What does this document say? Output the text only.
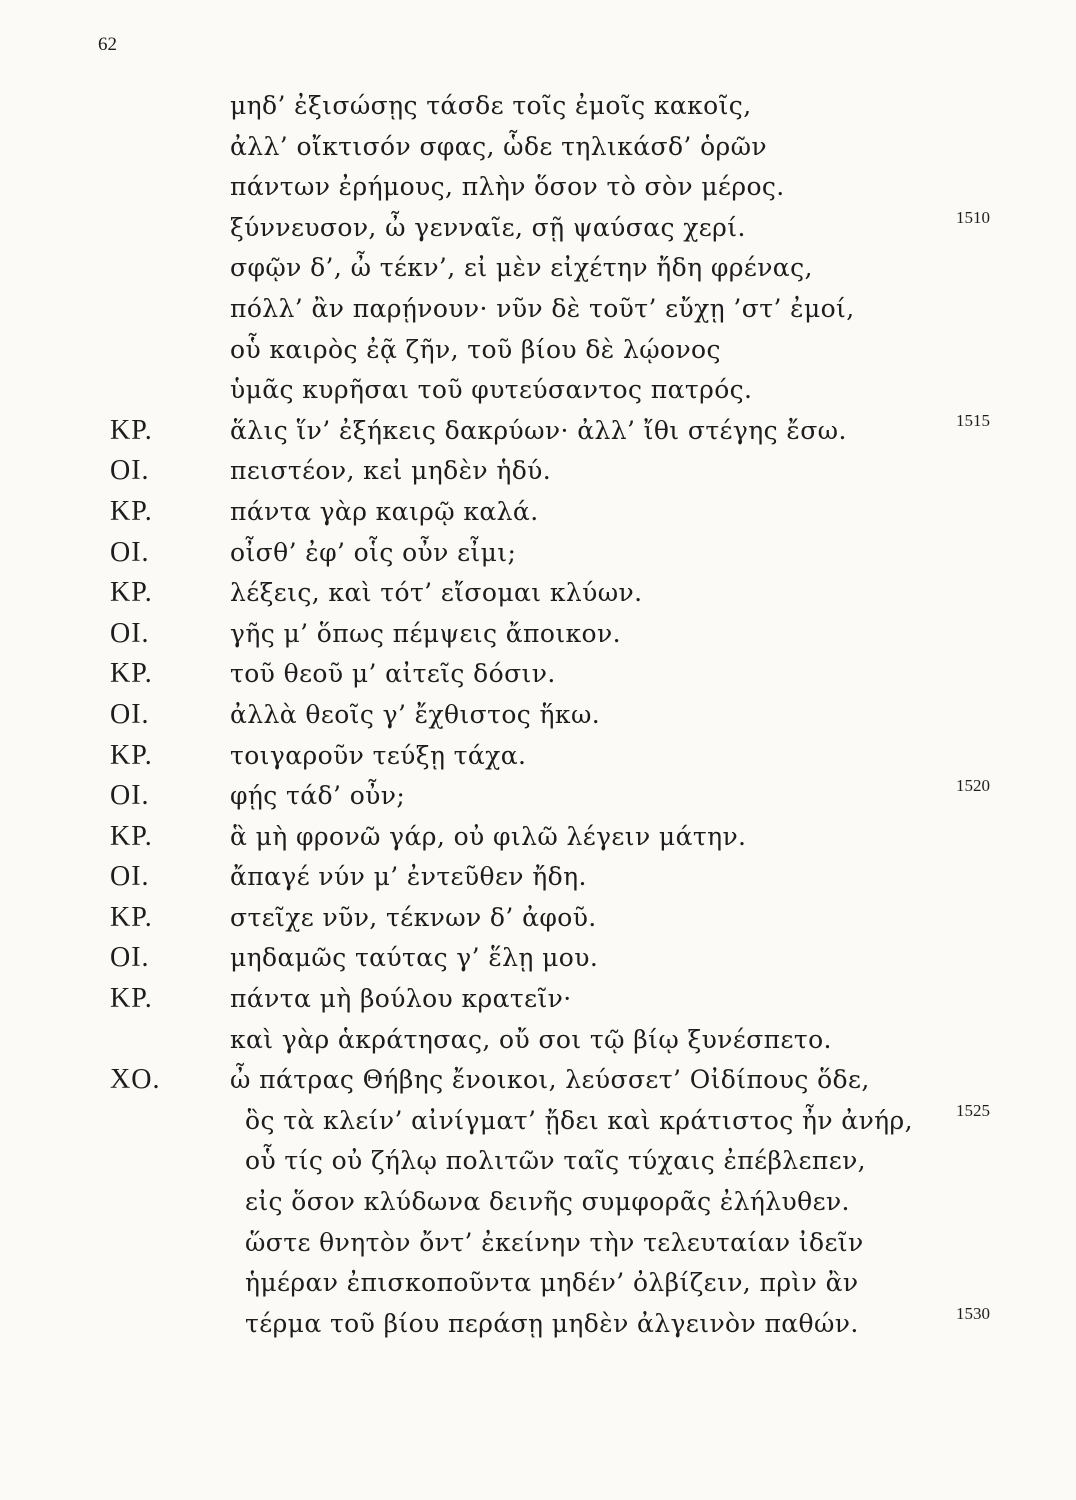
62
μηδ’ ἐξισώσῃς τάσδε τοῖς ἐμοῖς κακοῖς,
ἀλλ’ οἴκτισόν σφας, ὧδε τηλικάσδ’ ὁρῶν
πάντων ἐρήμους, πλὴν ὅσον τὸ σὸν μέρος.
ξύννευσον, ὦ γενναῖε, σῇ ψαύσας χερί.	1510
σφῷν δ’, ὦ τέκν’, εἰ μὲν εἰχέτην ἤδη φρένας,
πόλλ’ ἂν παρῄνουν· νῦν δὲ τοῦτ’ εὔχῃ ’στ’ ἐμοί,
οὗ καιρὸς ἐᾷ ζῆν, τοῦ βίου δὲ λῴονος
ὑμᾶς κυρῆσαι τοῦ φυτεύσαντος πατρός.
ΚΡ.	ἅλις ἵν’ ἐξήκεις δακρύων· ἀλλ’ ἴθι στέγης ἔσω.	1515
ΟΙ.	πειστέον, κεἰ μηδὲν ἡδύ.
ΚΡ.	πάντα γὰρ καιρῷ καλά.
ΟΙ.	οἶσθ’ ἐφ’ οἷς οὖν εἶμι;
ΚΡ.	λέξεις, καὶ τότ’ εἴσομαι κλύων.
ΟΙ.	γῆς μ’ ὅπως πέμψεις ἄποικον.
ΚΡ.	τοῦ θεοῦ μ’ αἰτεῖς δόσιν.
ΟΙ.	ἀλλὰ θεοῖς γ’ ἔχθιστος ἥκω.
ΚΡ.	τοιγαροῦν τεύξῃ τάχα.
ΟΙ.	φῄς τάδ’ οὖν;	1520
ΚΡ.	ἃ μὴ φρονῶ γάρ, οὐ φιλῶ λέγειν μάτην.
ΟΙ.	ἄπαγέ νύν μ’ ἐντεῦθεν ἤδη.
ΚΡ.	στεῖχε νῦν, τέκνων δ’ ἀφοῦ.
ΟΙ.	μηδαμῶς ταύτας γ’ ἕλῃ μου.
ΚΡ.	πάντα μὴ βούλου κρατεῖν·
καὶ γὰρ ἁκράτησας, οὔ σοι τῷ βίῳ ξυνέσπετο.
ΧΟ.	ὦ πάτρας Θήβης ἔνοικοι, λεύσσετ’ Οἰδίπους ὅδε,
ὃς τὰ κλείν’ αἰνίγματ’ ᾔδει καὶ κράτιστος ἦν ἀνήρ,	1525
οὗ τίς οὐ ζήλῳ πολιτῶν ταῖς τύχαις ἐπέβλεπεν,
εἰς ὅσον κλύδωνα δεινῆς συμφορᾶς ἐλήλυθεν.
ὥστε θνητὸν ὄντ’ ἐκείνην τὴν τελευταίαν ἰδεῖν
ἡμέραν ἐπισκοποῦντα μηδέν’ ὀλβίζειν, πρὶν ἂν
τέρμα τοῦ βίου περάσῃ μηδὲν ἀλγεινὸν παθών.	1530
